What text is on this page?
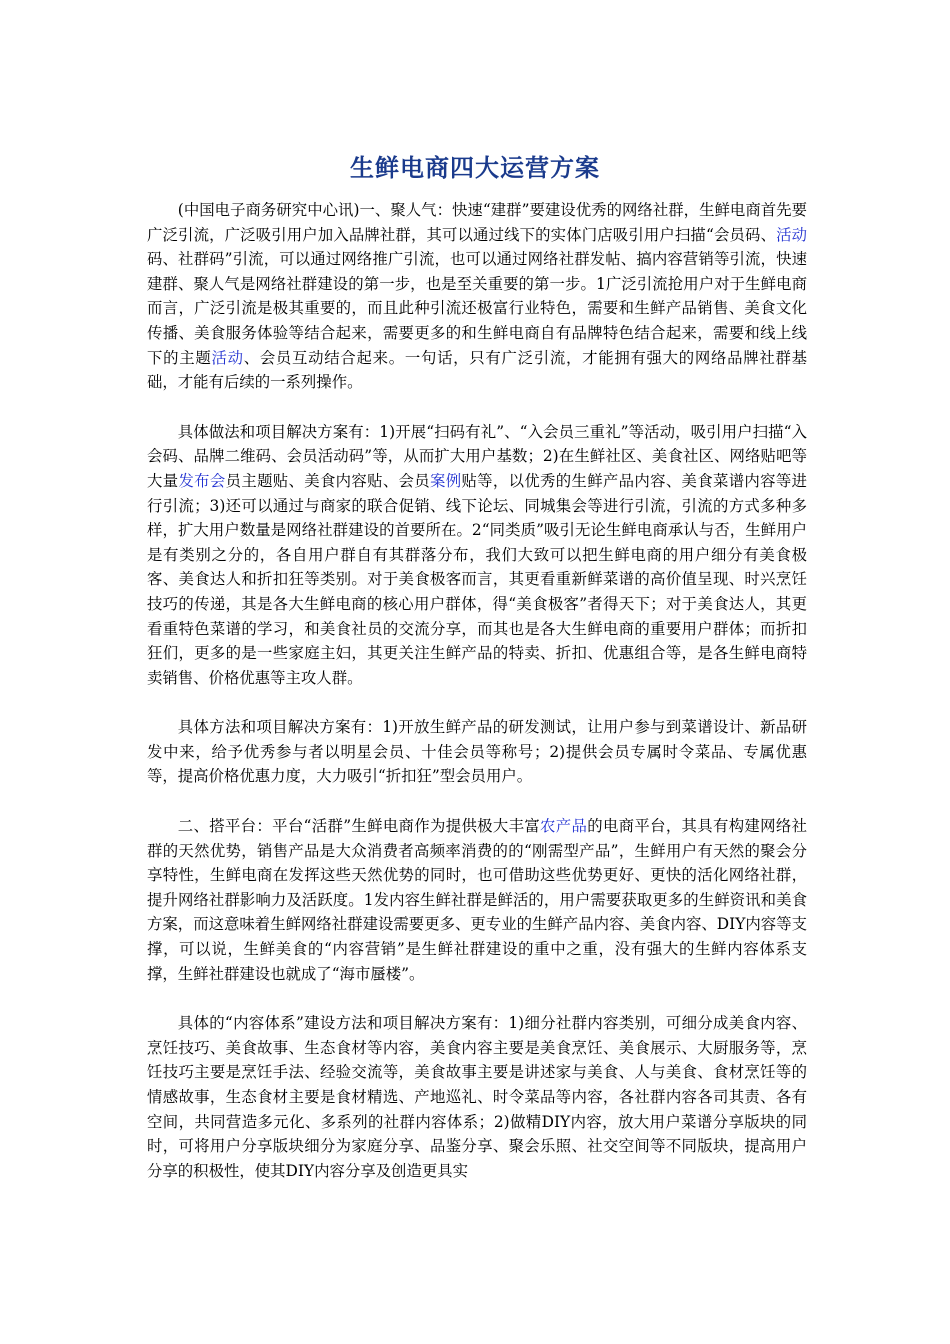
生鲜电商四大运营方案

(中国电子商务研究中心讯)一、聚人气：快速“建群”要建设优秀的网络社群，生鲜电商首先要广泛引流，广泛吸引用户加入品牌社群，其可以通过线下的实体门店吸引用户扫描“会员码、活动码、社群码”引流，可以通过网络推广引流，也可以通过网络社群发帖、搞内容营销等引流，快速建群、聚人气是网络社群建设的第一步，也是至关重要的第一步。1广泛引流抢用户对于生鲜电商而言，广泛引流是极其重要的，而且此种引流还极富行业特色，需要和生鲜产品销售、美食文化传播、美食服务体验等结合起来，需要更多的和生鲜电商自有品牌特色结合起来，需要和线上线下的主题活动、会员互动结合起来。一句话，只有广泛引流，才能拥有强大的网络品牌社群基础，才能有后续的一系列操作。

具体做法和项目解决方案有：1)开展“扫码有礼”、“入会员三重礼”等活动，吸引用户扫描“入会码、品牌二维码、会员活动码”等，从而扩大用户基数；2)在生鲜社区、美食社区、网络贴吧等大量发布会员主题贴、美食内容贴、会员案例贴等，以优秀的生鲜产品内容、美食菜谱内容等进行引流；3)还可以通过与商家的联合促销、线下论坛、同城集会等进行引流，引流的方式多种多样，扩大用户数量是网络社群建设的首要所在。2“同类质”吸引无论生鲜电商承认与否，生鲜用户是有类别之分的，各自用户群自有其群落分布，我们大致可以把生鲜电商的用户细分有美食极客、美食达人和折扣狂等类别。对于美食极客而言，其更看重新鲜菜谱的高价值呈现、时兴烹饪技巧的传递，其是各大生鲜电商的核心用户群体，得“美食极客”者得天下；对于美食达人，其更看重特色菜谱的学习，和美食社员的交流分享，而其也是各大生鲜电商的重要用户群体；而折扣狂们，更多的是一些家庭主妇，其更关注生鲜产品的特卖、折扣、优惠组合等，是各生鲜电商特卖销售、价格优惠等主攻人群。

具体方法和项目解决方案有：1)开放生鲜产品的研发测试，让用户参与到菜谱设计、新品研发中来，给予优秀参与者以明星会员、十佳会员等称号；2)提供会员专属时令菜品、专属优惠等，提高价格优惠力度，大力吸引“折扣狂”型会员用户。

二、搭平台：平台“活群”生鲜电商作为提供极大丰富农产品的电商平台，其具有构建网络社群的天然优势，销售产品是大众消费者高频率消费的的“刚需型产品”，生鲜用户有天然的聚会分享特性，生鲜电商在发挥这些天然优势的同时，也可借助这些优势更好、更快的活化网络社群，提升网络社群影响力及活跃度。1发内容生鲜社群是鲜活的，用户需要获取更多的生鲜资讯和美食方案，而这意味着生鲜网络社群建设需要更多、更专业的生鲜产品内容、美食内容、DIY内容等支撑，可以说，生鲜美食的“内容营销”是生鲜社群建设的重中之重，没有强大的生鲜内容体系支撑，生鲜社群建设也就成了“海市蜃楼”。

具体的“内容体系”建设方法和项目解决方案有：1)细分社群内容类别，可细分成美食内容、烹饪技巧、美食故事、生态食材等内容，美食内容主要是美食烹饪、美食展示、大厨服务等，烹饪技巧主要是烹饪手法、经验交流等，美食故事主要是讲述家与美食、人与美食、食材烹饪等的情感故事，生态食材主要是食材精选、产地巡礼、时令菜品等内容，各社群内容各司其责、各有空间，共同营造多元化、多系列的社群内容体系；2)做精DIY内容，放大用户菜谱分享版块的同时，可将用户分享版块细分为家庭分享、品鉴分享、聚会乐照、社交空间等不同版块，提高用户分享的积极性，使其DIY内容分享及创造更具实
